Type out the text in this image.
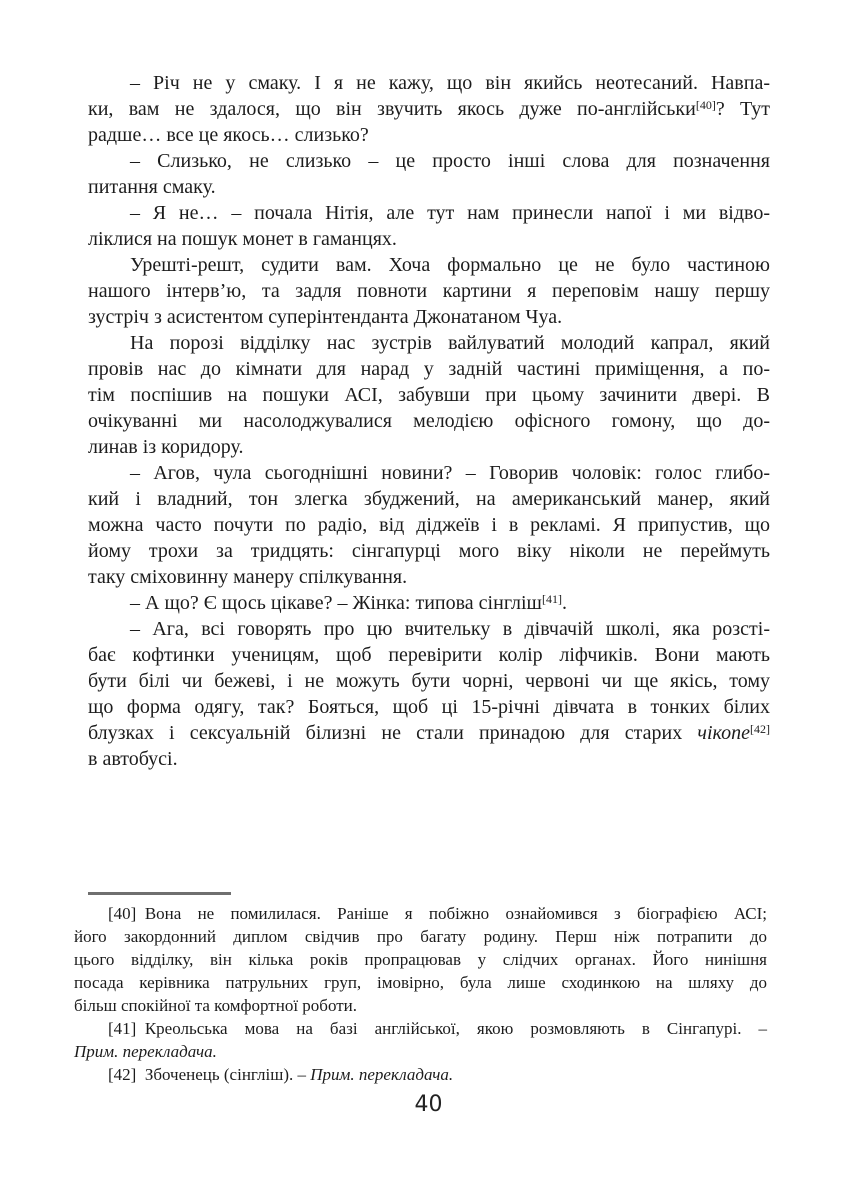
– Річ не у смаку. І я не кажу, що він якийсь неотесаний. Навпа-
ки, вам не здалося, що він звучить якось дуже по-англійськи[40]? Тут
радше… все це якось… слизько?
– Слизько, не слизько – це просто інші слова для позначення
питання смаку.
– Я не… – почала Нітія, але тут нам принесли напої і ми відво-
ліклися на пошук монет в гаманцях.
Урешті-решт, судити вам. Хоча формально це не було частиною
нашого інтерв’ю, та задля повноти картини я переповім нашу першу
зустріч з асистентом суперінтенданта Джонатаном Чуа.
На порозі відділку нас зустрів вайлуватий молодий капрал, який
провів нас до кімнати для нарад у задній частині приміщення, а по-
тім поспішив на пошуки АСІ, забувши при цьому зачинити двері. В
очікуванні ми насолоджувалися мелодією офісного гомону, що до-
линав із коридору.
– Агов, чула сьогоднішні новини? – Говорив чоловік: голос глибо-
кий і владний, тон злегка збуджений, на американський манер, який
можна часто почути по радіо, від діджеїв і в рекламі. Я припустив, що
йому трохи за тридцять: сінгапурці мого віку ніколи не переймуть
таку сміховинну манеру спілкування.
– А що? Є щось цікаве? – Жінка: типова сінгліш[41].
– Ага, всі говорять про цю вчительку в дівчачій школі, яка розсті-
бає кофтинки ученицям, щоб перевірити колір ліфчиків. Вони мають
бути білі чи бежеві, і не можуть бути чорні, червоні чи ще якісь, тому
що форма одягу, так? Бояться, щоб ці 15-річні дівчата в тонких білих
блузках і сексуальній білизні не стали принадою для старих чікопе[42]
в автобусі.
[40] Вона не помилилася. Раніше я побіжно ознайомився з біографією АСІ;
його закордонний диплом свідчив про багату родину. Перш ніж потрапити до
цього відділку, він кілька років пропрацював у слідчих органах. Його нинішня
посада керівника патрульних груп, імовірно, була лише сходинкою на шляху до
більш спокійної та комфортної роботи.
[41] Креольська мова на базі англійської, якою розмовляють в Сінгапурі. –
Прим. перекладача.
[42] Збоченець (сінгліш). – Прим. перекладача.
40
